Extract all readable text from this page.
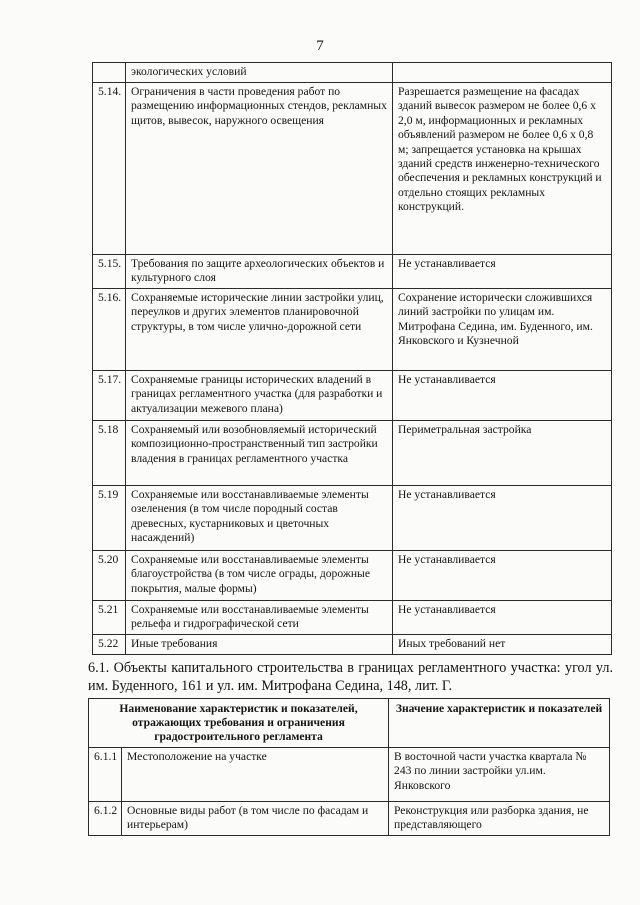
7
	экологических условий	
5.14.	Ограничения в части проведения работ по размещению информационных стендов, рекламных щитов, вывесок, наружного освещения	Разрешается размещение на фасадах зданий вывесок размером не более 0,6 х 2,0 м, информационных и рекламных объявлений размером не более 0,6 х 0,8 м; запрещается установка на крышах зданий средств инженерно-технического обеспечения и рекламных конструкций и отдельно стоящих рекламных конструкций.
5.15.	Требования по защите археологических объектов и культурного слоя	Не устанавливается
5.16.	Сохраняемые исторические линии застройки улиц, переулков и других элементов планировочной структуры, в том числе улично-дорожной сети	Сохранение исторически сложившихся линий застройки по улицам им. Митрофана Седина, им. Буденного, им. Янковского и Кузнечной
5.17.	Сохраняемые границы исторических владений в границах регламентного участка (для разработки и актуализации межевого плана)	Не устанавливается
5.18	Сохраняемый или возобновляемый исторический композиционно-пространственный тип застройки владения в границах регламентного участка	Периметральная застройка
5.19	Сохраняемые или восстанавливаемые элементы озеленения (в том числе породный состав древесных, кустарниковых и цветочных насаждений)	Не устанавливается
5.20	Сохраняемые или восстанавливаемые элементы благоустройства (в том числе ограды, дорожные покрытия, малые формы)	Не устанавливается
5.21	Сохраняемые или восстанавливаемые элементы рельефа и гидрографической сети	Не устанавливается
5.22	Иные требования	Иных требований нет
6.1. Объекты капитального строительства в границах регламентного участка: угол ул. им. Буденного, 161 и ул. им. Митрофана Седина, 148, лит. Г.
Наименование характеристик и показателей, отражающих требования и ограничения градостроительного регламента		Значение характеристик и показателей
6.1.1	Местоположение на участке	В восточной части участка квартала № 243 по линии застройки ул.им. Янковского
6.1.2	Основные виды работ (в том числе по фасадам и интерьерам)	Реконструкция или разборка здания, не представляющего
